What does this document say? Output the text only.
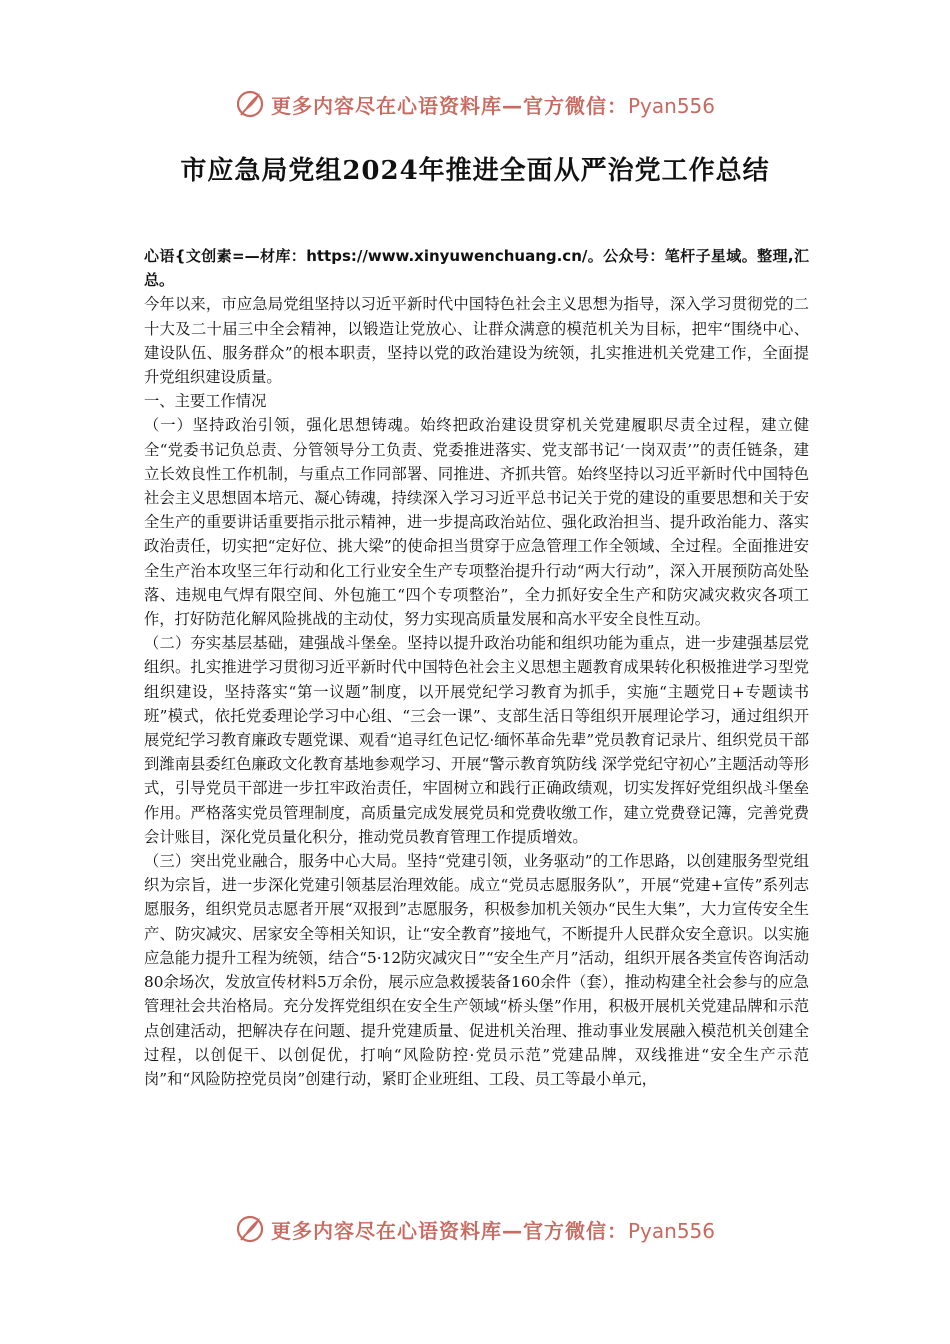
更多内容尽在心语资料库—官方微信：Pyan556
市应急局党组2024年推进全面从严治党工作总结

心语{文创素=—材库：https://www.xinyuwenchuang.cn/。公众号：笔杆子星域。整理,汇总。

今年以来，市应急局党组坚持以习近平新时代中国特色社会主义思想为指导，深入学习贯彻党的二十大及二十届三中全会精神，以锻造让党放心、让群众满意的模范机关为目标，把牢“围绕中心、建设队伍、服务群众”的根本职责，坚持以党的政治建设为统领，扎实推进机关党建工作，全面提升党组织建设质量。

一、主要工作情况

（一）坚持政治引领，强化思想铸魂。始终把政治建设贯穿机关党建履职尽责全过程，建立健全“党委书记负总责、分管领导分工负责、党委推进落实、党支部书记‘一岗双责’”的责任链条，建立长效良性工作机制，与重点工作同部署、同推进、齐抓共管。始终坚持以习近平新时代中国特色社会主义思想固本培元、凝心铸魂，持续深入学习习近平总书记关于党的建设的重要思想和关于安全生产的重要讲话重要指示批示精神，进一步提高政治站位、强化政治担当、提升政治能力、落实政治责任，切实把“定好位、挑大梁”的使命担当贯穿于应急管理工作全领域、全过程。全面推进安全生产治本攻坚三年行动和化工行业安全生产专项整治提升行动“两大行动”，深入开展预防高处坠落、违规电气焊有限空间、外包施工“四个专项整治”，全力抓好安全生产和防灾减灾救灾各项工作，打好防范化解风险挑战的主动仗，努力实现高质量发展和高水平安全良性互动。

（二）夯实基层基础，建强战斗堡垒。坚持以提升政治功能和组织功能为重点，进一步建强基层党组织。扎实推进学习贯彻习近平新时代中国特色社会主义思想主题教育成果转化积极推进学习型党组织建设，坚持落实“第一议题”制度，以开展党纪学习教育为抓手，实施“主题党日+专题读书班”模式，依托党委理论学习中心组、“三会一课”、支部生活日等组织开展理论学习，通过组织开展党纪学习教育廉政专题党课、观看“追寻红色记忆·缅怀革命先辈”党员教育记录片、组织党员干部到潍南县委红色廉政文化教育基地参观学习、开展“警示教育筑防线 深学党纪守初心”主题活动等形式，引导党员干部进一步扛牢政治责任，牢固树立和践行正确政绩观，切实发挥好党组织战斗堡垒作用。严格落实党员管理制度，高质量完成发展党员和党费收缴工作，建立党费登记簿，完善党费会计账目，深化党员量化积分，推动党员教育管理工作提质增效。

（三）突出党业融合，服务中心大局。坚持“党建引领，业务驱动”的工作思路，以创建服务型党组织为宗旨，进一步深化党建引领基层治理效能。成立“党员志愿服务队”，开展“党建+宣传”系列志愿服务，组织党员志愿者开展“双报到”志愿服务，积极参加机关领办“民生大集”，大力宣传安全生产、防灾减灾、居家安全等相关知识，让“安全教育”接地气，不断提升人民群众安全意识。以实施应急能力提升工程为统领，结合“5·12防灾减灾日”“安全生产月”活动，组织开展各类宣传咨询活动80余场次，发放宣传材料5万余份，展示应急救援装备160余件（套），推动构建全社会参与的应急管理社会共治格局。充分发挥党组织在安全生产领域“桥头堡”作用，积极开展机关党建品牌和示范点创建活动，把解决存在问题、提升党建质量、促进机关治理、推动事业发展融入模范机关创建全过程，以创促干、以创促优，打响“风险防控·党员示范”党建品牌，双线推进“安全生产示范岗”和“风险防控党员岗”创建行动，紧盯企业班组、工段、员工等最小单元，

更多内容尽在心语资料库—官方微信：Pyan556
